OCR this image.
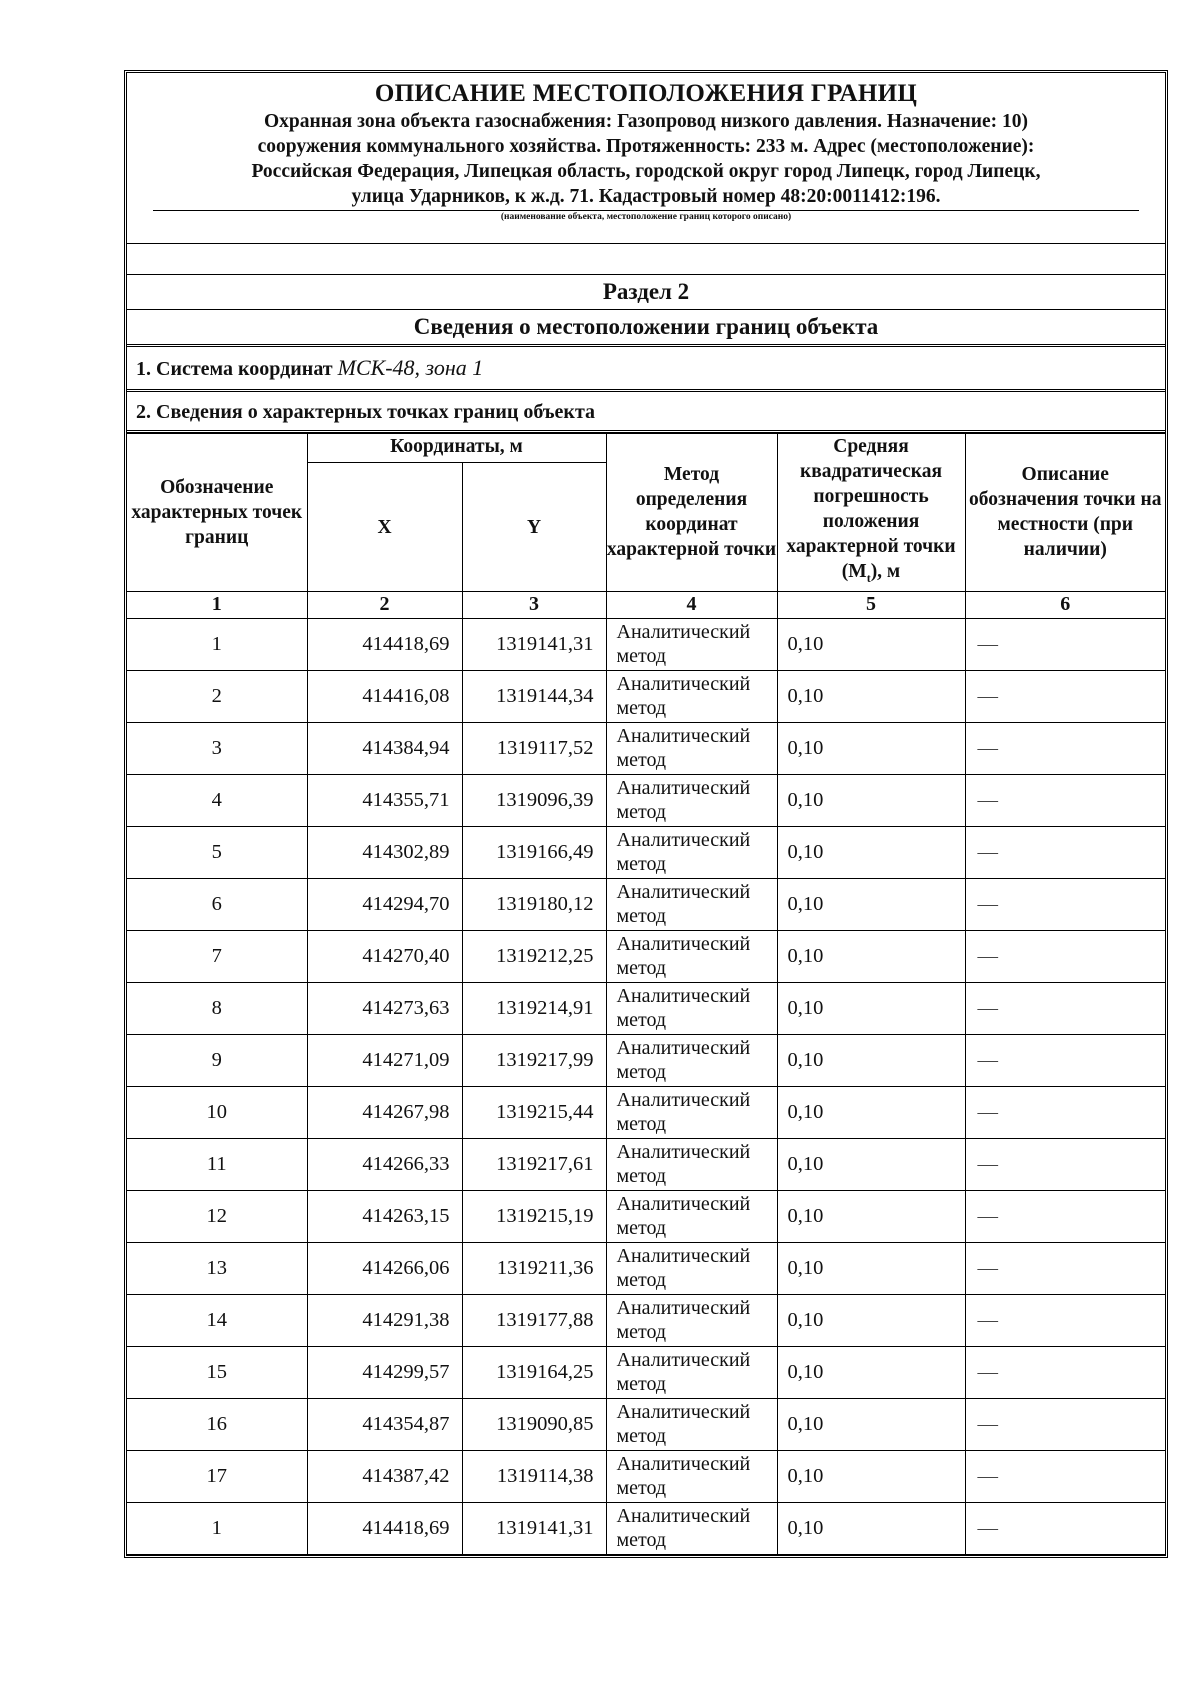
ОПИСАНИЕ МЕСТОПОЛОЖЕНИЯ ГРАНИЦ
Охранная зона объекта газоснабжения: Газопровод низкого давления. Назначение: 10)
сооружения коммунального хозяйства. Протяженность: 233 м. Адрес (местоположение):
Российская Федерация, Липецкая область, городской округ город Липецк, город Липецк,
улица Ударников, к ж.д. 71. Кадастровый номер 48:20:0011412:196.
(наименование объекта, местоположение границ которого описано)
Раздел 2
Сведения о местоположении границ объекта
1. Система координат МСК-48, зона 1
2. Сведения о характерных точках границ объекта
Обозначение характерных точек границ	Координаты, м		Метод определения координат характерной точки	Средняя квадратическая погрешность положения характерной точки $(M_t)$, м	Описание обозначения точки на местности (при наличии)
	X	Y			
1	2	3	4	5	6
1	414418,69	1319141,31	Аналитический метод	0,10	—
2	414416,08	1319144,34	Аналитический метод	0,10	—
3	414384,94	1319117,52	Аналитический метод	0,10	—
4	414355,71	1319096,39	Аналитический метод	0,10	—
5	414302,89	1319166,49	Аналитический метод	0,10	—
6	414294,70	1319180,12	Аналитический метод	0,10	—
7	414270,40	1319212,25	Аналитический метод	0,10	—
8	414273,63	1319214,91	Аналитический метод	0,10	—
9	414271,09	1319217,99	Аналитический метод	0,10	—
10	414267,98	1319215,44	Аналитический метод	0,10	—
11	414266,33	1319217,61	Аналитический метод	0,10	—
12	414263,15	1319215,19	Аналитический метод	0,10	—
13	414266,06	1319211,36	Аналитический метод	0,10	—
14	414291,38	1319177,88	Аналитический метод	0,10	—
15	414299,57	1319164,25	Аналитический метод	0,10	—
16	414354,87	1319090,85	Аналитический метод	0,10	—
17	414387,42	1319114,38	Аналитический метод	0,10	—
1	414418,69	1319141,31	Аналитический метод	0,10	—
